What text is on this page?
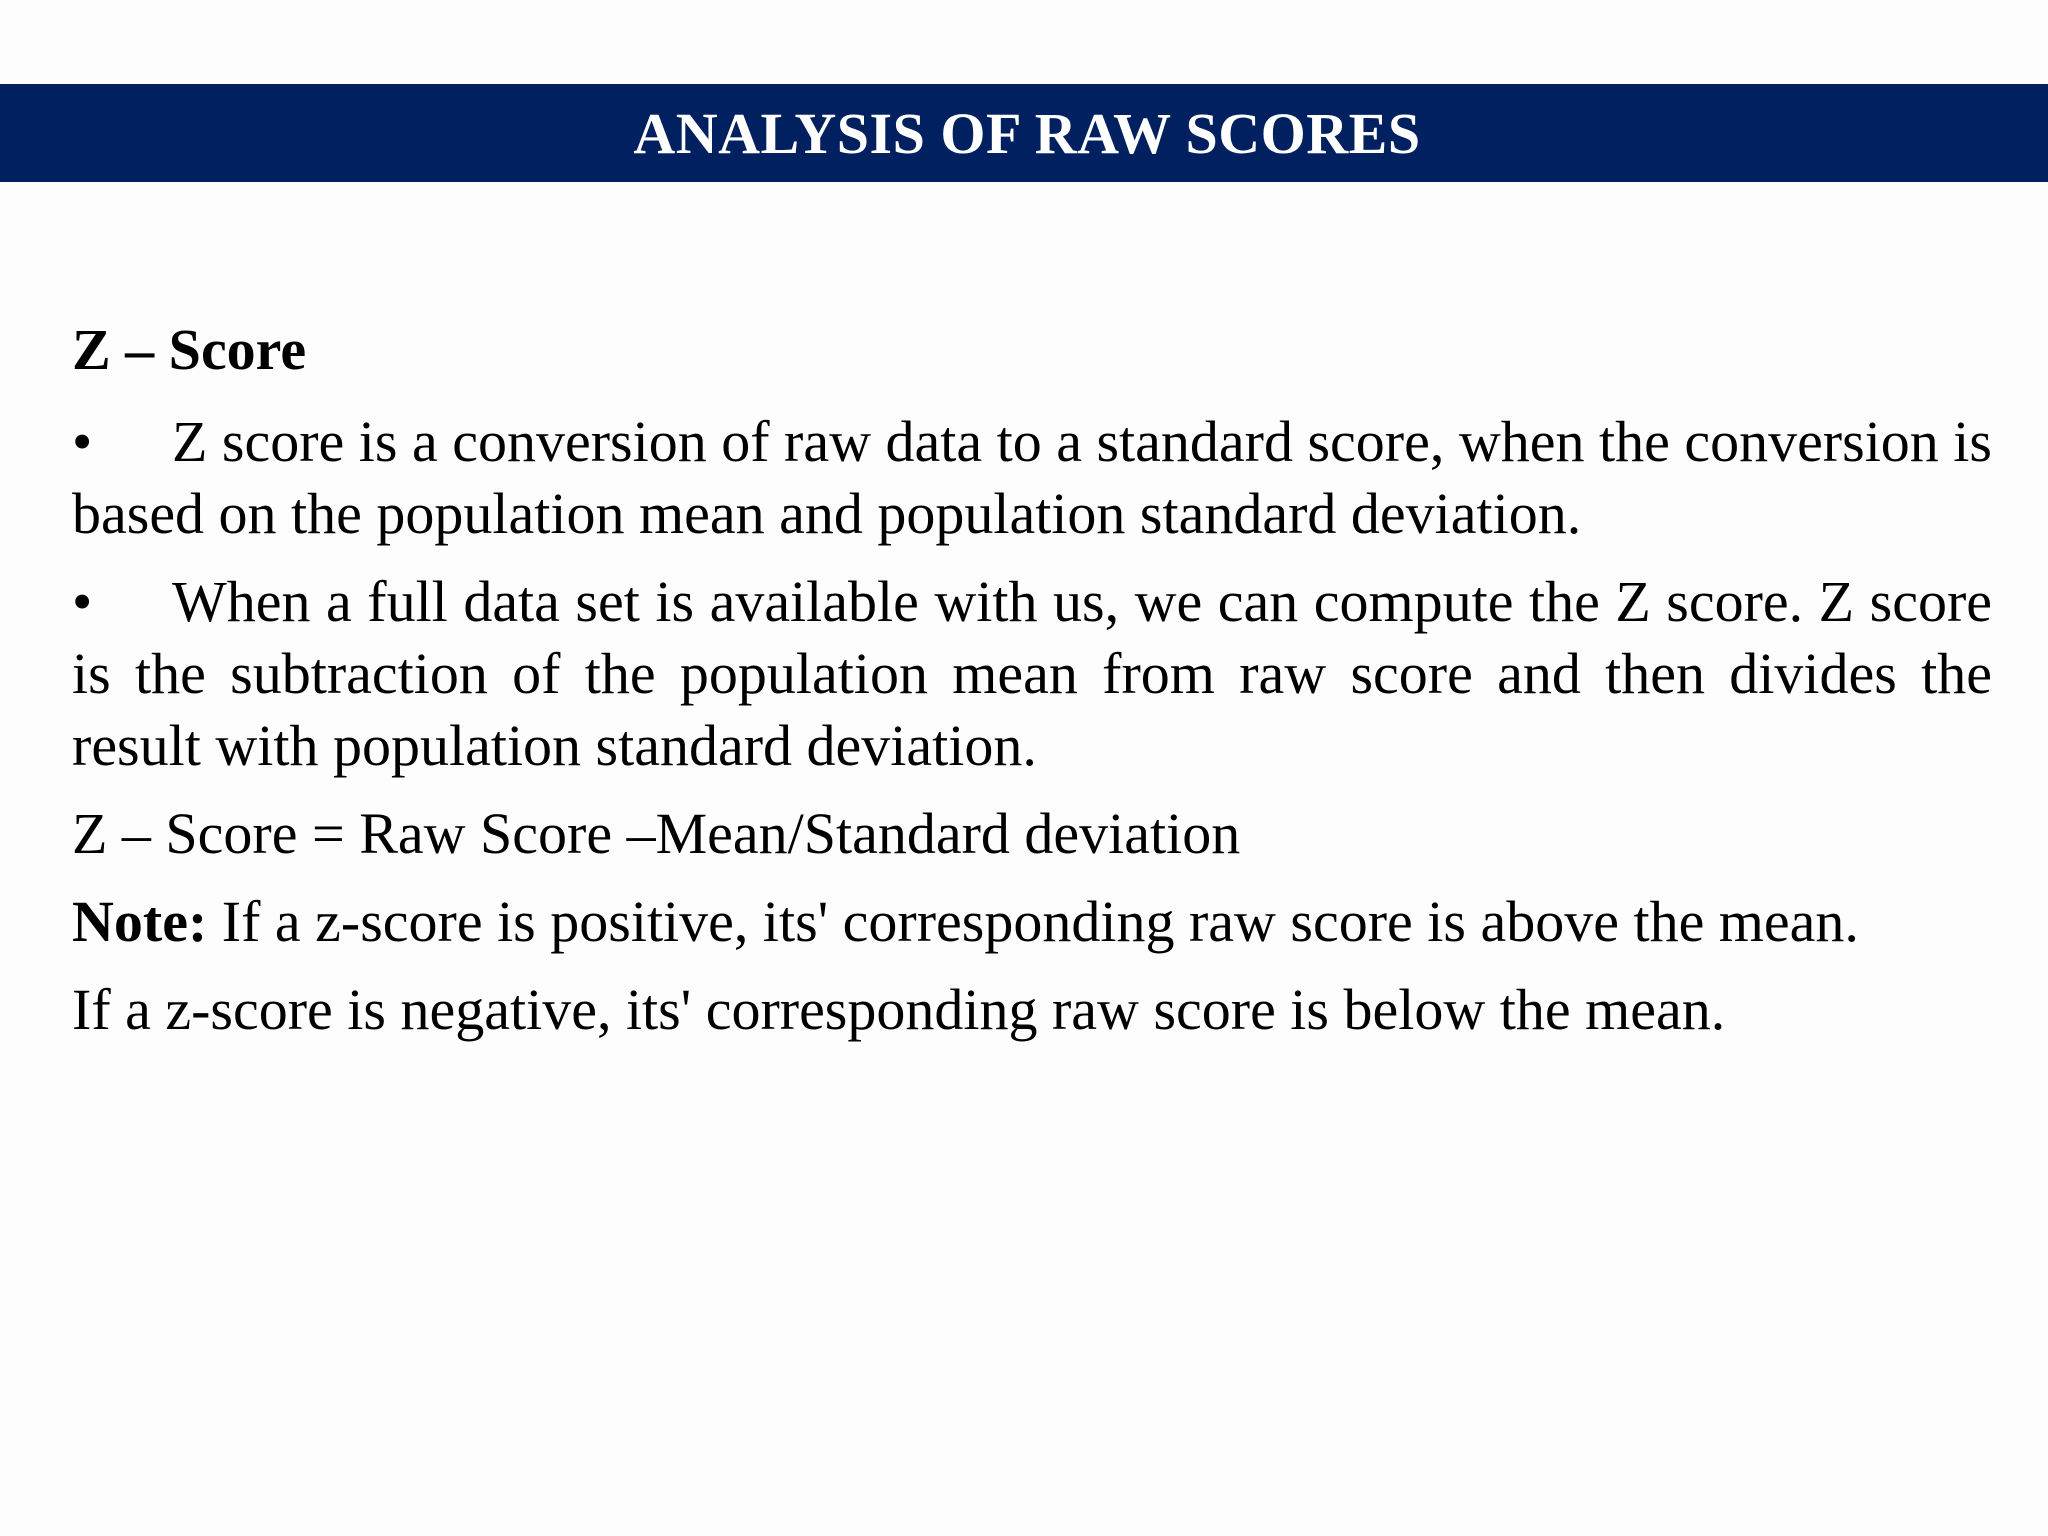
ANALYSIS OF RAW SCORES
Z – Score
• Z score is a conversion of raw data to a standard score, when the conversion is based on the population mean and population standard deviation.
• When a full data set is available with us, we can compute the Z score. Z score is the subtraction of the population mean from raw score and then divides the result with population standard deviation.
Z – Score = Raw Score –Mean/Standard deviation
Note: If a z-score is positive, its' corresponding raw score is above the mean.
If a z-score is negative, its' corresponding raw score is below the mean.
